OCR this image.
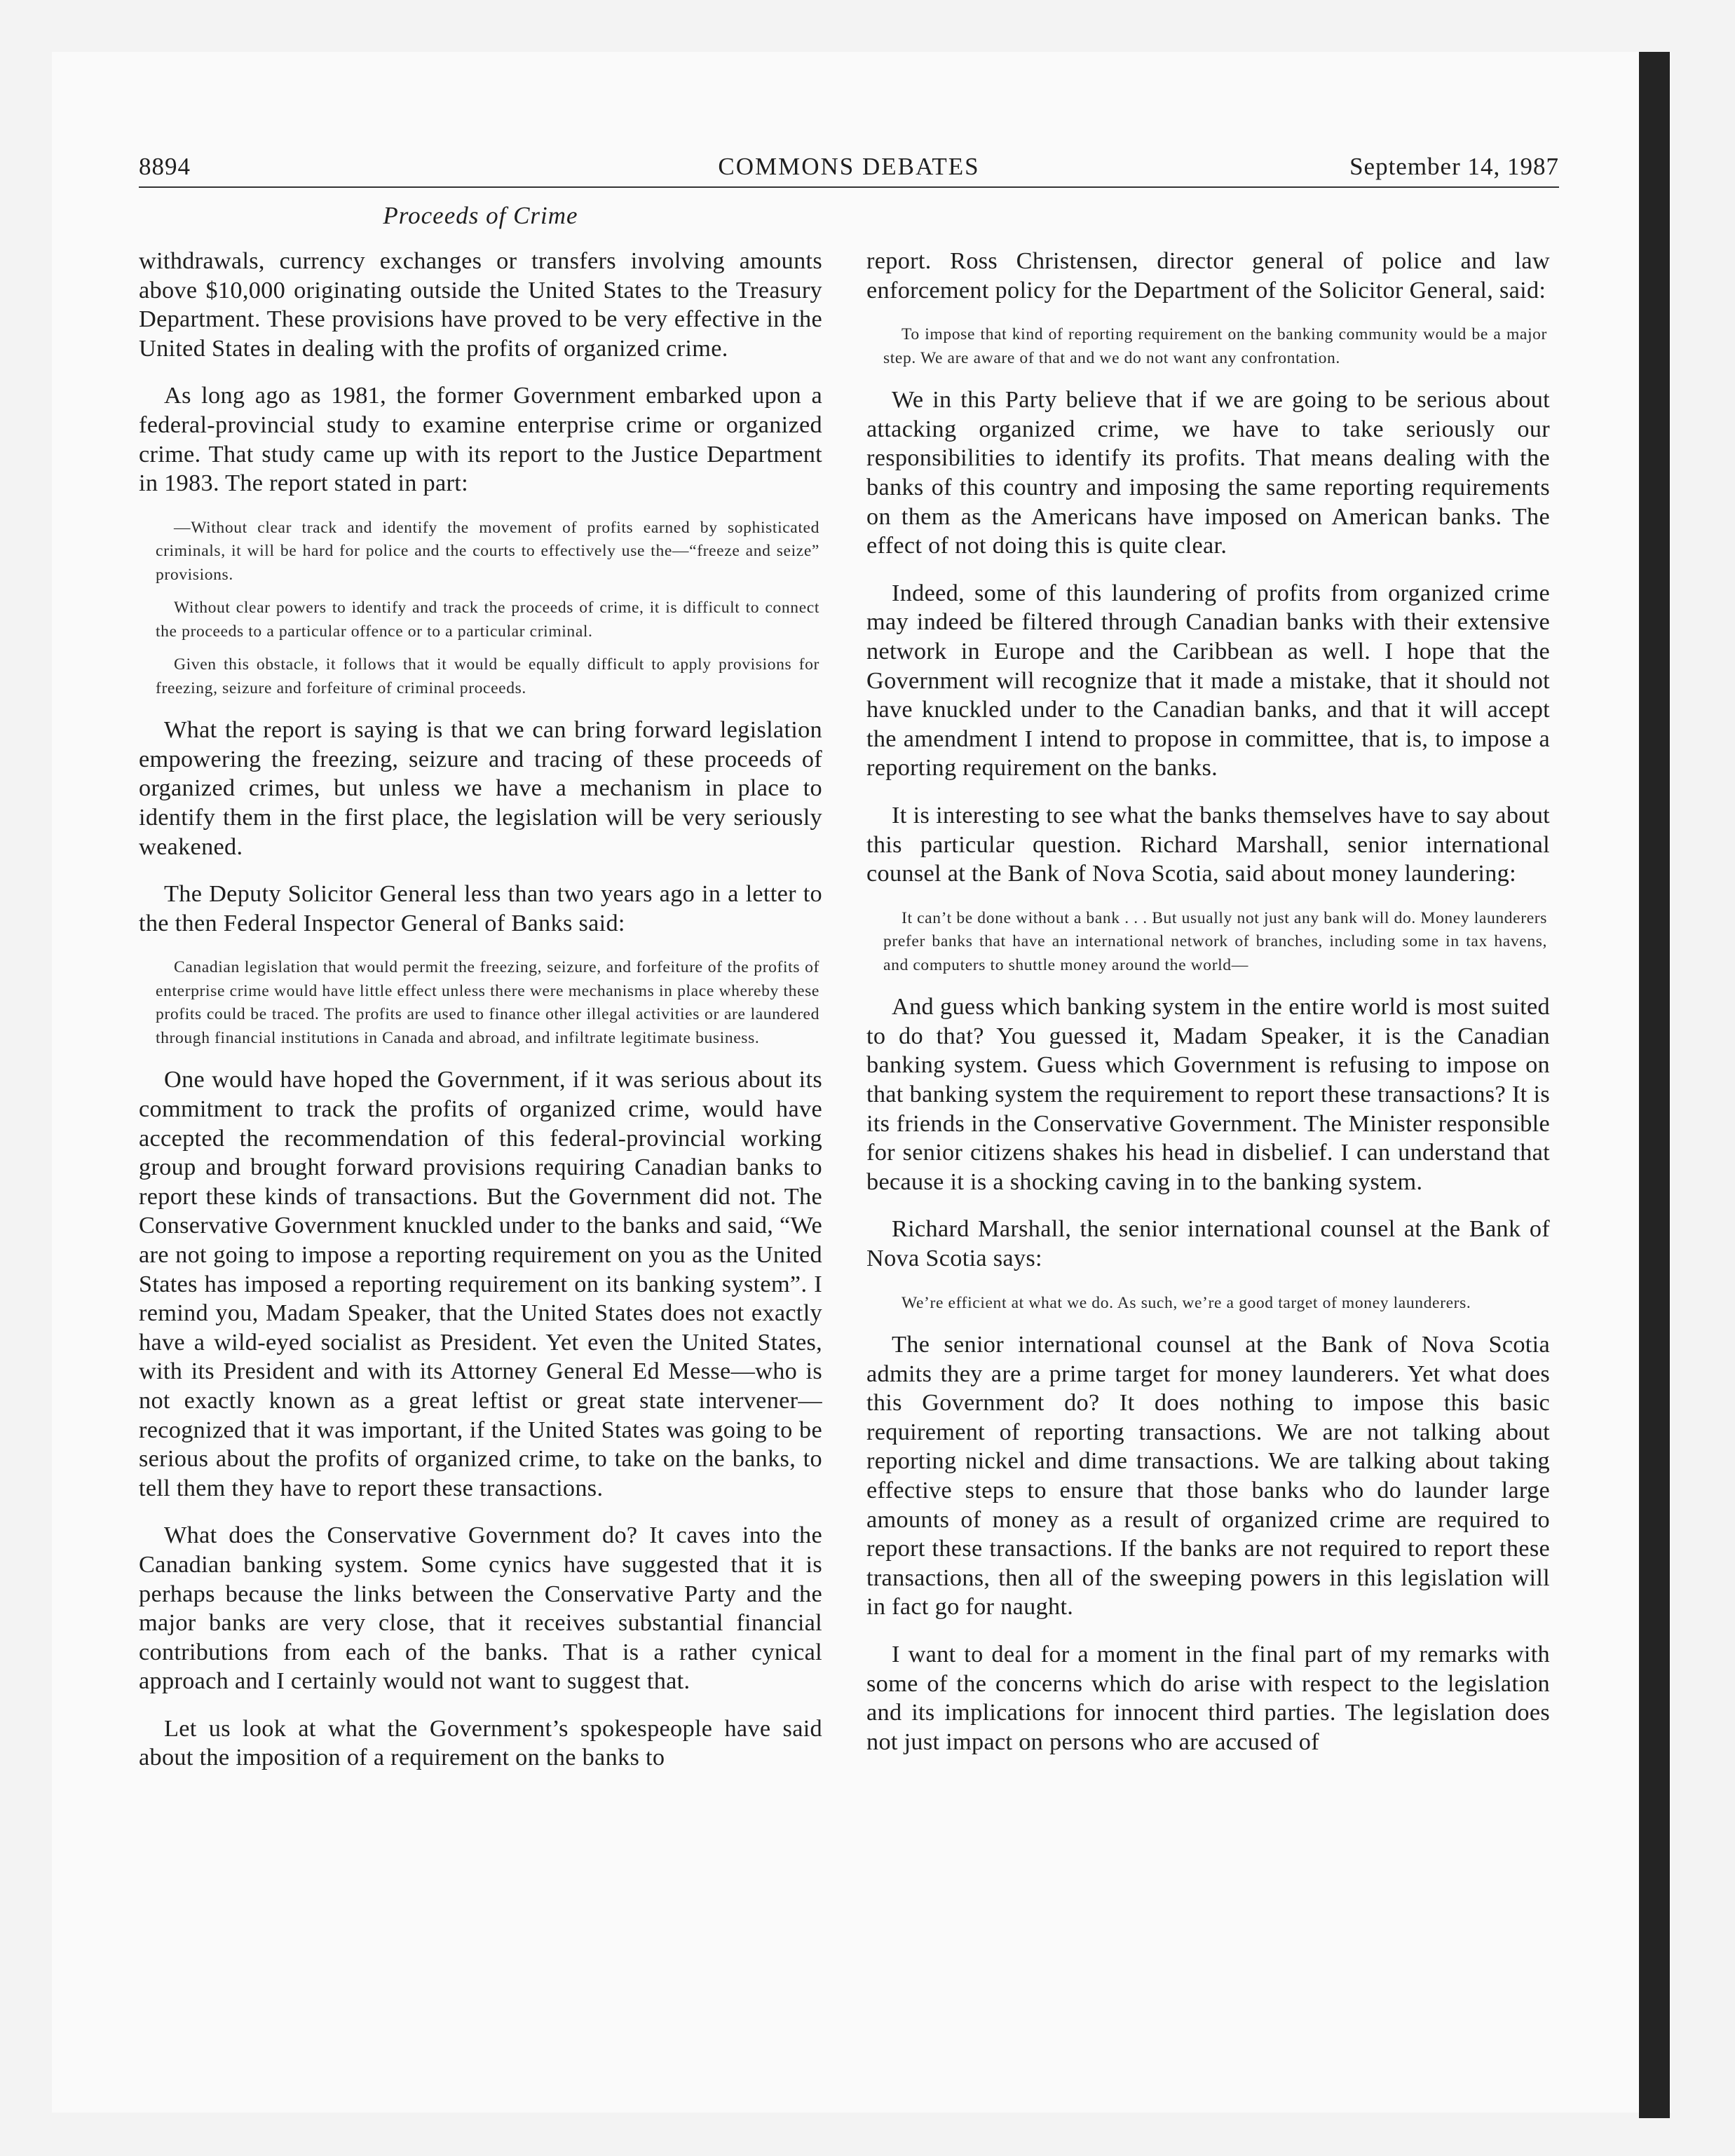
8894	COMMONS DEBATES	September 14, 1987
Proceeds of Crime

withdrawals, currency exchanges or transfers involving amounts above $10,000 originating outside the United States to the Treasury Department. These provisions have proved to be very effective in the United States in dealing with the profits of organized crime.

As long ago as 1981, the former Government embarked upon a federal-provincial study to examine enterprise crime or organized crime. That study came up with its report to the Justice Department in 1983. The report stated in part:

—Without clear track and identify the movement of profits earned by sophisticated criminals, it will be hard for police and the courts to effectively use the—“freeze and seize” provisions.

Without clear powers to identify and track the proceeds of crime, it is difficult to connect the proceeds to a particular offence or to a particular criminal.

Given this obstacle, it follows that it would be equally difficult to apply provisions for freezing, seizure and forfeiture of criminal proceeds.

What the report is saying is that we can bring forward legislation empowering the freezing, seizure and tracing of these proceeds of organized crimes, but unless we have a mechanism in place to identify them in the first place, the legislation will be very seriously weakened.

The Deputy Solicitor General less than two years ago in a letter to the then Federal Inspector General of Banks said:

Canadian legislation that would permit the freezing, seizure, and forfeiture of the profits of enterprise crime would have little effect unless there were mechanisms in place whereby these profits could be traced. The profits are used to finance other illegal activities or are laundered through financial institutions in Canada and abroad, and infiltrate legitimate business.

One would have hoped the Government, if it was serious about its commitment to track the profits of organized crime, would have accepted the recommendation of this federal-provincial working group and brought forward provisions requiring Canadian banks to report these kinds of transactions. But the Government did not. The Conservative Government knuckled under to the banks and said, “We are not going to impose a reporting requirement on you as the United States has imposed a reporting requirement on its banking system”. I remind you, Madam Speaker, that the United States does not exactly have a wild-eyed socialist as President. Yet even the United States, with its President and with its Attorney General Ed Messe—who is not exactly known as a great leftist or great state intervener—recognized that it was important, if the United States was going to be serious about the profits of organized crime, to take on the banks, to tell them they have to report these transactions.

What does the Conservative Government do? It caves into the Canadian banking system. Some cynics have suggested that it is perhaps because the links between the Conservative Party and the major banks are very close, that it receives substantial financial contributions from each of the banks. That is a rather cynical approach and I certainly would not want to suggest that.

Let us look at what the Government’s spokespeople have said about the imposition of a requirement on the banks to

report. Ross Christensen, director general of police and law enforcement policy for the Department of the Solicitor General, said:

To impose that kind of reporting requirement on the banking community would be a major step. We are aware of that and we do not want any confrontation.

We in this Party believe that if we are going to be serious about attacking organized crime, we have to take seriously our responsibilities to identify its profits. That means dealing with the banks of this country and imposing the same reporting requirements on them as the Americans have imposed on American banks. The effect of not doing this is quite clear.

Indeed, some of this laundering of profits from organized crime may indeed be filtered through Canadian banks with their extensive network in Europe and the Caribbean as well. I hope that the Government will recognize that it made a mistake, that it should not have knuckled under to the Canadian banks, and that it will accept the amendment I intend to propose in committee, that is, to impose a reporting requirement on the banks.

It is interesting to see what the banks themselves have to say about this particular question. Richard Marshall, senior international counsel at the Bank of Nova Scotia, said about money laundering:

It can’t be done without a bank . . . But usually not just any bank will do. Money launderers prefer banks that have an international network of branches, including some in tax havens, and computers to shuttle money around the world—

And guess which banking system in the entire world is most suited to do that? You guessed it, Madam Speaker, it is the Canadian banking system. Guess which Government is refusing to impose on that banking system the requirement to report these transactions? It is its friends in the Conservative Government. The Minister responsible for senior citizens shakes his head in disbelief. I can understand that because it is a shocking caving in to the banking system.

Richard Marshall, the senior international counsel at the Bank of Nova Scotia says:

We’re efficient at what we do. As such, we’re a good target of money launderers.

The senior international counsel at the Bank of Nova Scotia admits they are a prime target for money launderers. Yet what does this Government do? It does nothing to impose this basic requirement of reporting transactions. We are not talking about reporting nickel and dime transactions. We are talking about taking effective steps to ensure that those banks who do launder large amounts of money as a result of organized crime are required to report these transactions. If the banks are not required to report these transactions, then all of the sweeping powers in this legislation will in fact go for naught.

I want to deal for a moment in the final part of my remarks with some of the concerns which do arise with respect to the legislation and its implications for innocent third parties. The legislation does not just impact on persons who are accused of
